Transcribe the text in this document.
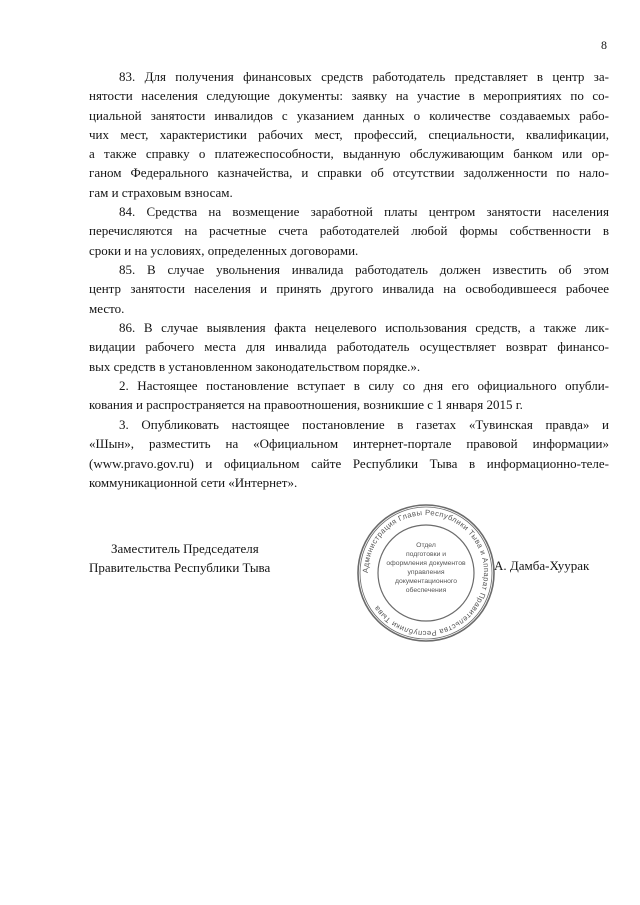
8
83. Для получения финансовых средств работодатель представляет в центр за-
нятости населения следующие документы: заявку на участие в мероприятиях по со-
циальной занятости инвалидов с указанием данных о количестве создаваемых рабо-
чих мест, характеристики рабочих мест, профессий, специальности, квалификации,
а также справку о платежеспособности, выданную обслуживающим банком или ор-
ганом Федерального казначейства, и справки об отсутствии задолженности по нало-
гам и страховым взносам.
84. Средства на возмещение заработной платы центром занятости населения
перечисляются на расчетные счета работодателей любой формы собственности в
сроки и на условиях, определенных договорами.
85. В случае увольнения инвалида работодатель должен известить об этом
центр занятости населения и принять другого инвалида на освободившееся рабочее
место.
86. В случае выявления факта нецелевого использования средств, а также лик-
видации рабочего места для инвалида работодатель осуществляет возврат финансо-
вых средств в установленном законодательством порядке.».
2. Настоящее постановление вступает в силу со дня его официального опубли-
кования и распространяется на правоотношения, возникшие с 1 января 2015 г.
3. Опубликовать настоящее постановление в газетах «Тувинская правда» и
«Шын», разместить на «Официальном интернет-портале правовой информации»
(www.pravo.gov.ru) и официальном сайте Республики Тыва в информационно-теле-
коммуникационной сети «Интернет».
Заместитель Председателя
Правительства Республики Тыва	Администрация Главы Республики Тыва и Аппарат Правительства Республики Тыва
Отдел
подготовки и
оформления документов
управления
документационного
обеспечения
А. Дамба-Хуурак
